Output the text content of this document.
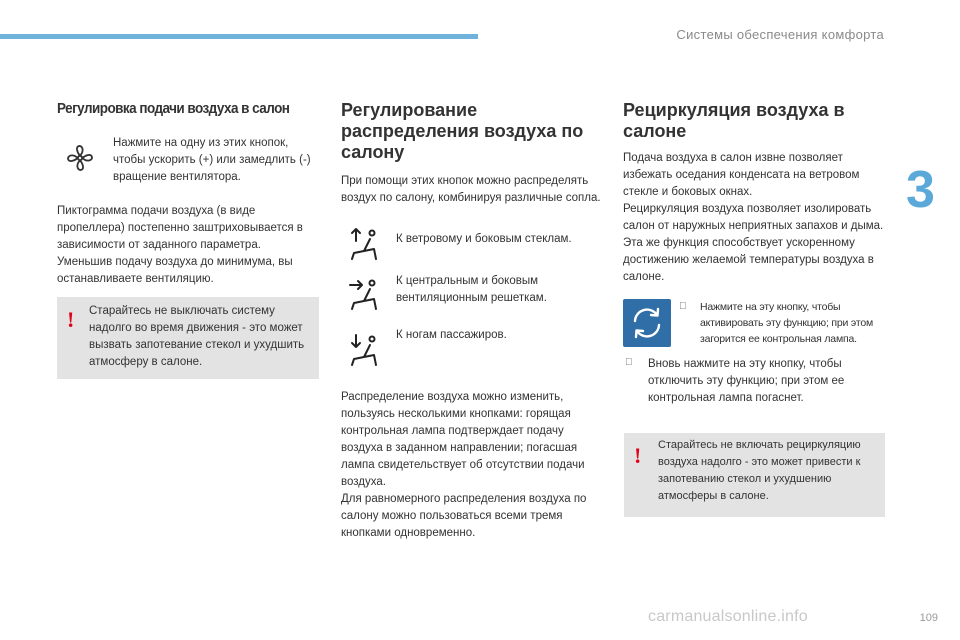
Системы обеспечения комфорта
3
Регулировка подачи воздуха в салон

Нажмите на одну из этих кнопок, чтобы ускорить (+) или замедлить (-) вращение вентилятора.

Пиктограмма подачи воздуха (в виде пропеллера) постепенно заштриховывается в зависимости от заданного параметра. Уменьшив подачу воздуха до минимума, вы останавливаете вентиляцию.

! Старайтесь не выключать систему надолго во время движения - это может вызвать запотевание стекол и ухудшить атмосферу в салоне.
Регулирование распределения воздуха по салону

При помощи этих кнопок можно распределять воздух по салону, комбинируя различные сопла.

К ветровому и боковым стеклам.

К центральным и боковым вентиляционным решеткам.

К ногам пассажиров.

Распределение воздуха можно изменить, пользуясь несколькими кнопками: горящая контрольная лампа подтверждает подачу воздуха в заданном направлении; погасшая лампа свидетельствует об отсутствии подачи воздуха.
Для равномерного распределения воздуха по салону можно пользоваться всеми тремя кнопками одновременно.

Рециркуляция воздуха в салоне

Подача воздуха в салон извне позволяет избежать оседания конденсата на ветровом стекле и боковых окнах.
Рециркуляция воздуха позволяет изолировать салон от наружных неприятных запахов и дыма.
Эта же функция способствует ускоренному достижению желаемой температуры воздуха в салоне.

Нажмите на эту кнопку, чтобы активировать эту функцию; при этом загорится ее контрольная лампа.
Вновь нажмите на эту кнопку, чтобы отключить эту функцию; при этом ее контрольная лампа погаснет.
! Старайтесь не включать рециркуляцию воздуха надолго - это может привести к запотеванию стекол и ухудшению атмосферы в салоне.
carmanualsonline.info	109
